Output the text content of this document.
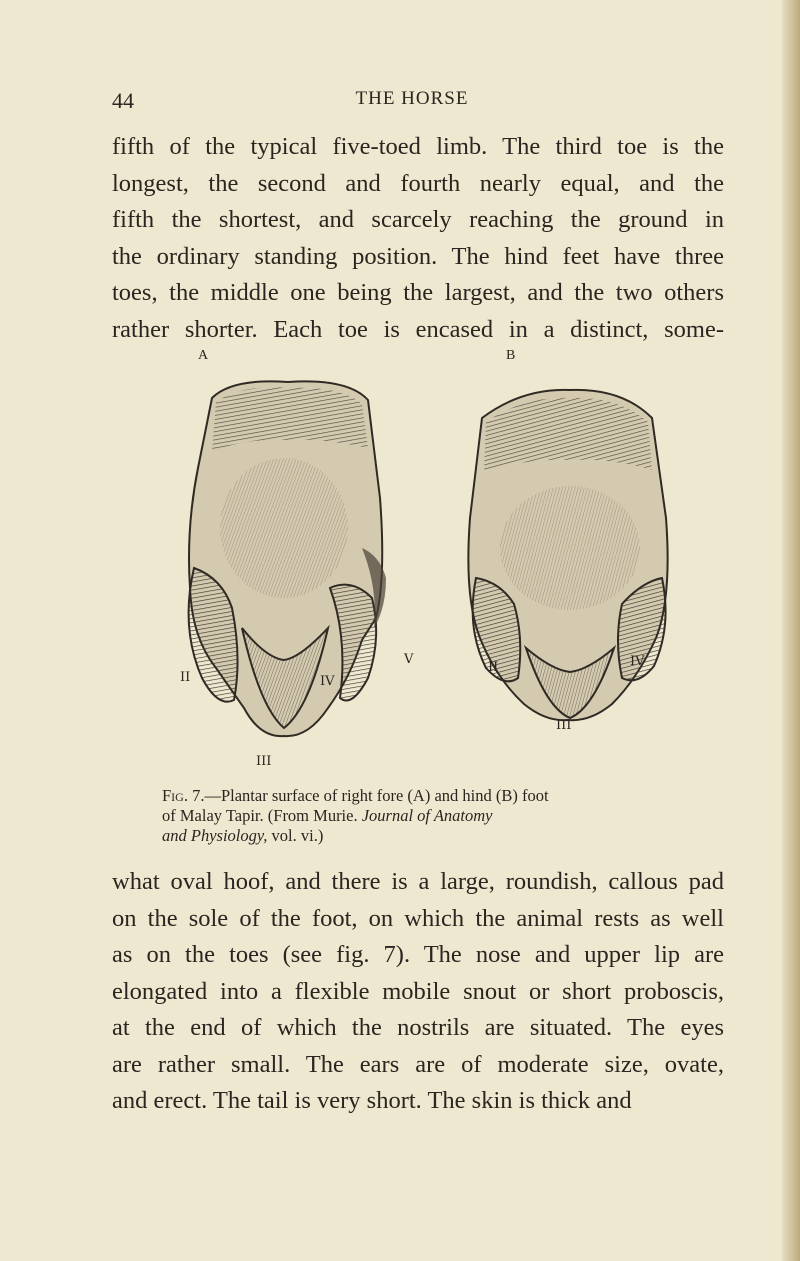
44	THE HORSE

fifth of the typical five-toed limb. The third toe is the
longest, the second and fourth nearly equal, and the
fifth the shortest, and scarcely reaching the ground in
the ordinary standing position. The hind feet have three
toes, the middle one being the largest, and the two others
rather shorter. Each toe is encased in a distinct, some-

A	B
II
III
IV
V
II
III
IV

Fig. 7.—Plantar surface of right fore (A) and hind (B) foot
of Malay Tapir. (From Murie. Journal of Anatomy
and Physiology, vol. vi.)

what oval hoof, and there is a large, roundish, callous pad
on the sole of the foot, on which the animal rests as well
as on the toes (see fig. 7). The nose and upper lip are
elongated into a flexible mobile snout or short proboscis,
at the end of which the nostrils are situated. The eyes
are rather small. The ears are of moderate size, ovate,
and erect. The tail is very short. The skin is thick and
